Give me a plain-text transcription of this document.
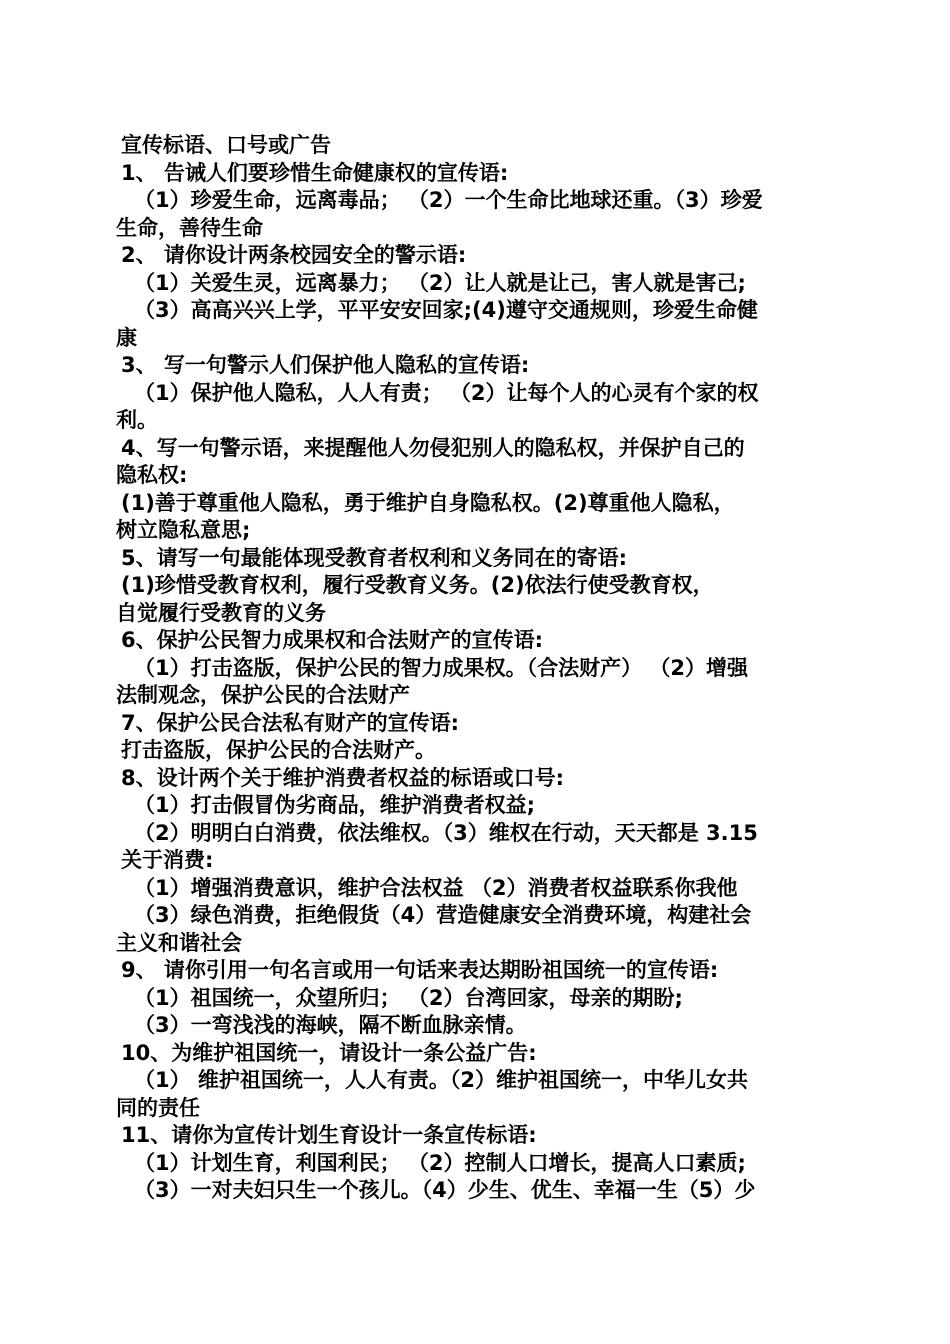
宣传标语、口号或广告
1、 告诫人们要珍惜生命健康权的宣传语:
（1）珍爱生命，远离毒品； （2）一个生命比地球还重。（3）珍爱
生命，善待生命
2、 请你设计两条校园安全的警示语:
（1）关爱生灵，远离暴力； （2）让人就是让己，害人就是害己;
（3）高高兴兴上学，平平安安回家;(4)遵守交通规则，珍爱生命健
康
3、 写一句警示人们保护他人隐私的宣传语:
（1）保护他人隐私，人人有责； （2）让每个人的心灵有个家的权
利。
4、写一句警示语，来提醒他人勿侵犯别人的隐私权，并保护自己的
隐私权:
(1)善于尊重他人隐私，勇于维护自身隐私权。(2)尊重他人隐私，
树立隐私意思;
5、请写一句最能体现受教育者权利和义务同在的寄语:
(1)珍惜受教育权利，履行受教育义务。(2)依法行使受教育权，
自觉履行受教育的义务
6、保护公民智力成果权和合法财产的宣传语:
（1）打击盗版，保护公民的智力成果权。（合法财产） （2）增强
法制观念，保护公民的合法财产
7、保护公民合法私有财产的宣传语:
打击盗版，保护公民的合法财产。
8、设计两个关于维护消费者权益的标语或口号:
（1）打击假冒伪劣商品，维护消费者权益;
（2）明明白白消费，依法维权。（3）维权在行动，天天都是 3.15
关于消费:
（1）增强消费意识，维护合法权益 （2）消费者权益联系你我他
（3）绿色消费，拒绝假货（4）营造健康安全消费环境，构建社会
主义和谐社会
9、 请你引用一句名言或用一句话来表达期盼祖国统一的宣传语:
（1）祖国统一，众望所归； （2）台湾回家，母亲的期盼;
（3）一弯浅浅的海峡，隔不断血脉亲情。
10、为维护祖国统一，请设计一条公益广告:
（1） 维护祖国统一，人人有责。（2）维护祖国统一，中华儿女共
同的责任
11、请你为宣传计划生育设计一条宣传标语:
（1）计划生育，利国利民； （2）控制人口增长，提高人口素质;
（3）一对夫妇只生一个孩儿。（4）少生、优生、幸福一生（5）少
